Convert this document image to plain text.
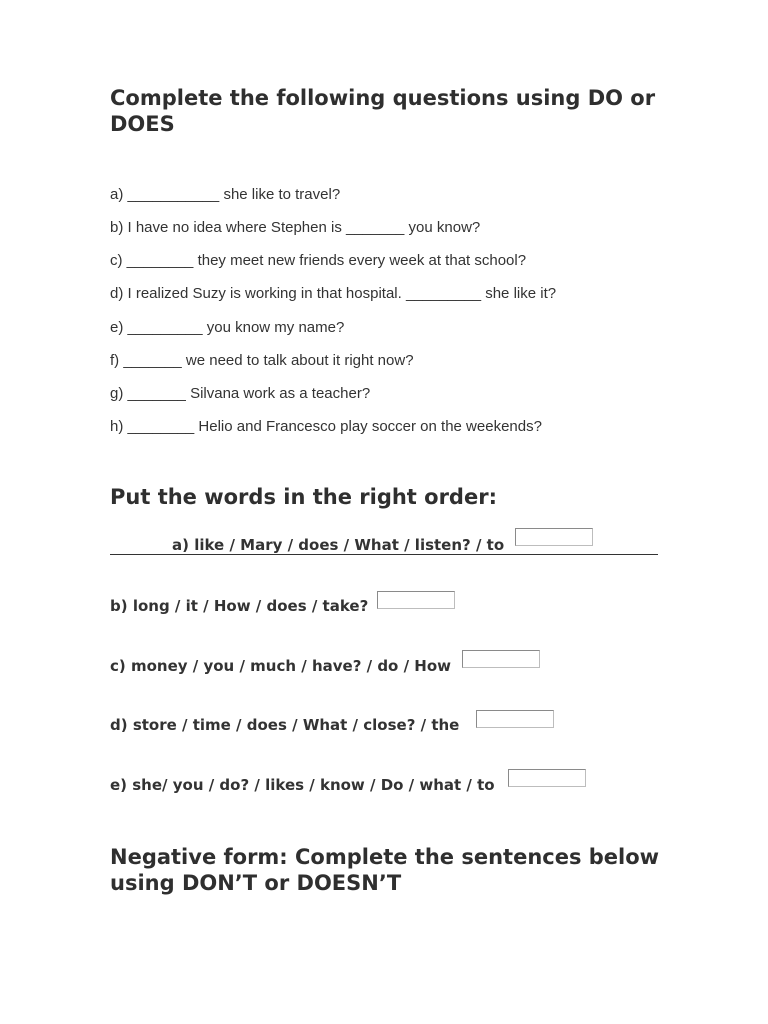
Complete the following questions using DO or DOES
a) ___________ she like to travel?
b) I have no idea where Stephen is _______ you know?
c) ________ they meet new friends every week at that school?
d) I realized Suzy is working in that hospital. _________ she like it?
e) _________ you know my name?
f) _______ we need to talk about it right now?
g) _______ Silvana work as a teacher?
h) ________ Helio and Francesco play soccer on the weekends?
Put the words in the right order:
a) like / Mary / does / What / listen? / to
b) long / it / How / does / take?
c) money / you / much / have? / do / How
d) store / time / does / What / close? / the
e) she/ you / do? / likes / know / Do / what / to
Negative form: Complete the sentences below using DON’T or DOESN’T
